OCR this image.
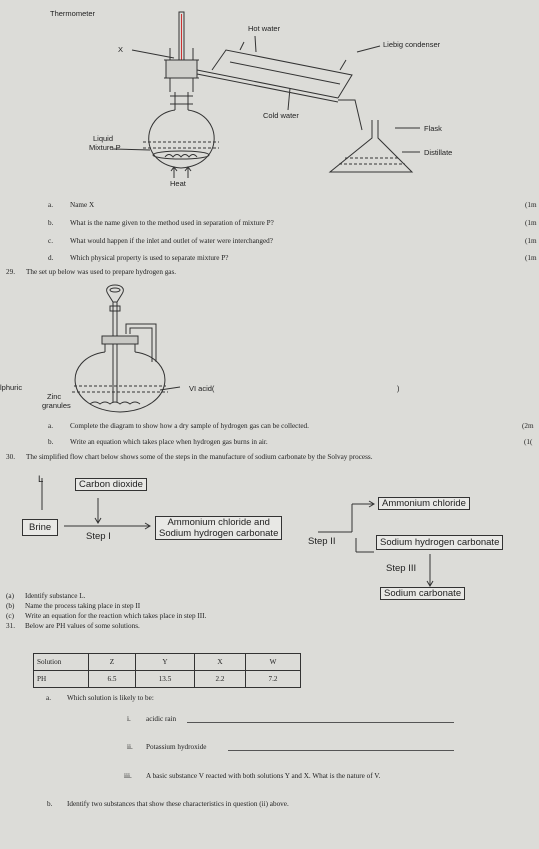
Thermometer
Hot water
X
Liebig condenser
Cold water
Flask
Liquid
Mixture P
Distillate
Heat
a. Name X	(1m
b. What is the name given to the method used in separation of mixture P?	(1m
c. What would happen if the inlet and outlet of water were interchanged?	(1m
d. Which physical property is used to separate mixture P?	(1m
29. The set up below was used to prepare hydrogen gas.
lphuric
Zinc
granules
VI acid(	)
a. Complete the diagram to show how a dry sample of hydrogen gas can be collected.	(2m
b. Write an equation which takes place when hydrogen gas burns in air.	(1(
30. The simplified flow chart below shows some of the steps in the manufacture of sodium carbonate by the Solvay process.
L	Carbon dioxide
Brine
Step I
Ammonium chloride and
Sodium hydrogen carbonate
Step II
Ammonium chloride
Sodium hydrogen carbonate
Step III
Sodium carbonate
(a) Identify substance L.
(b) Name the process taking place in step II
(c) Write an equation for the reaction which takes place in step III.
31. Below are PH values of some solutions.
Solution	Z	Y	X	W
PH	6.5	13.5	2.2	7.2
a. Which solution is likely to be:
i. acidic rain
ii. Potassium hydroxide
iii. A basic substance V reacted with both solutions Y and X. What is the nature of V.
b. Identify two substances that show these characteristics in question (ii) above.
